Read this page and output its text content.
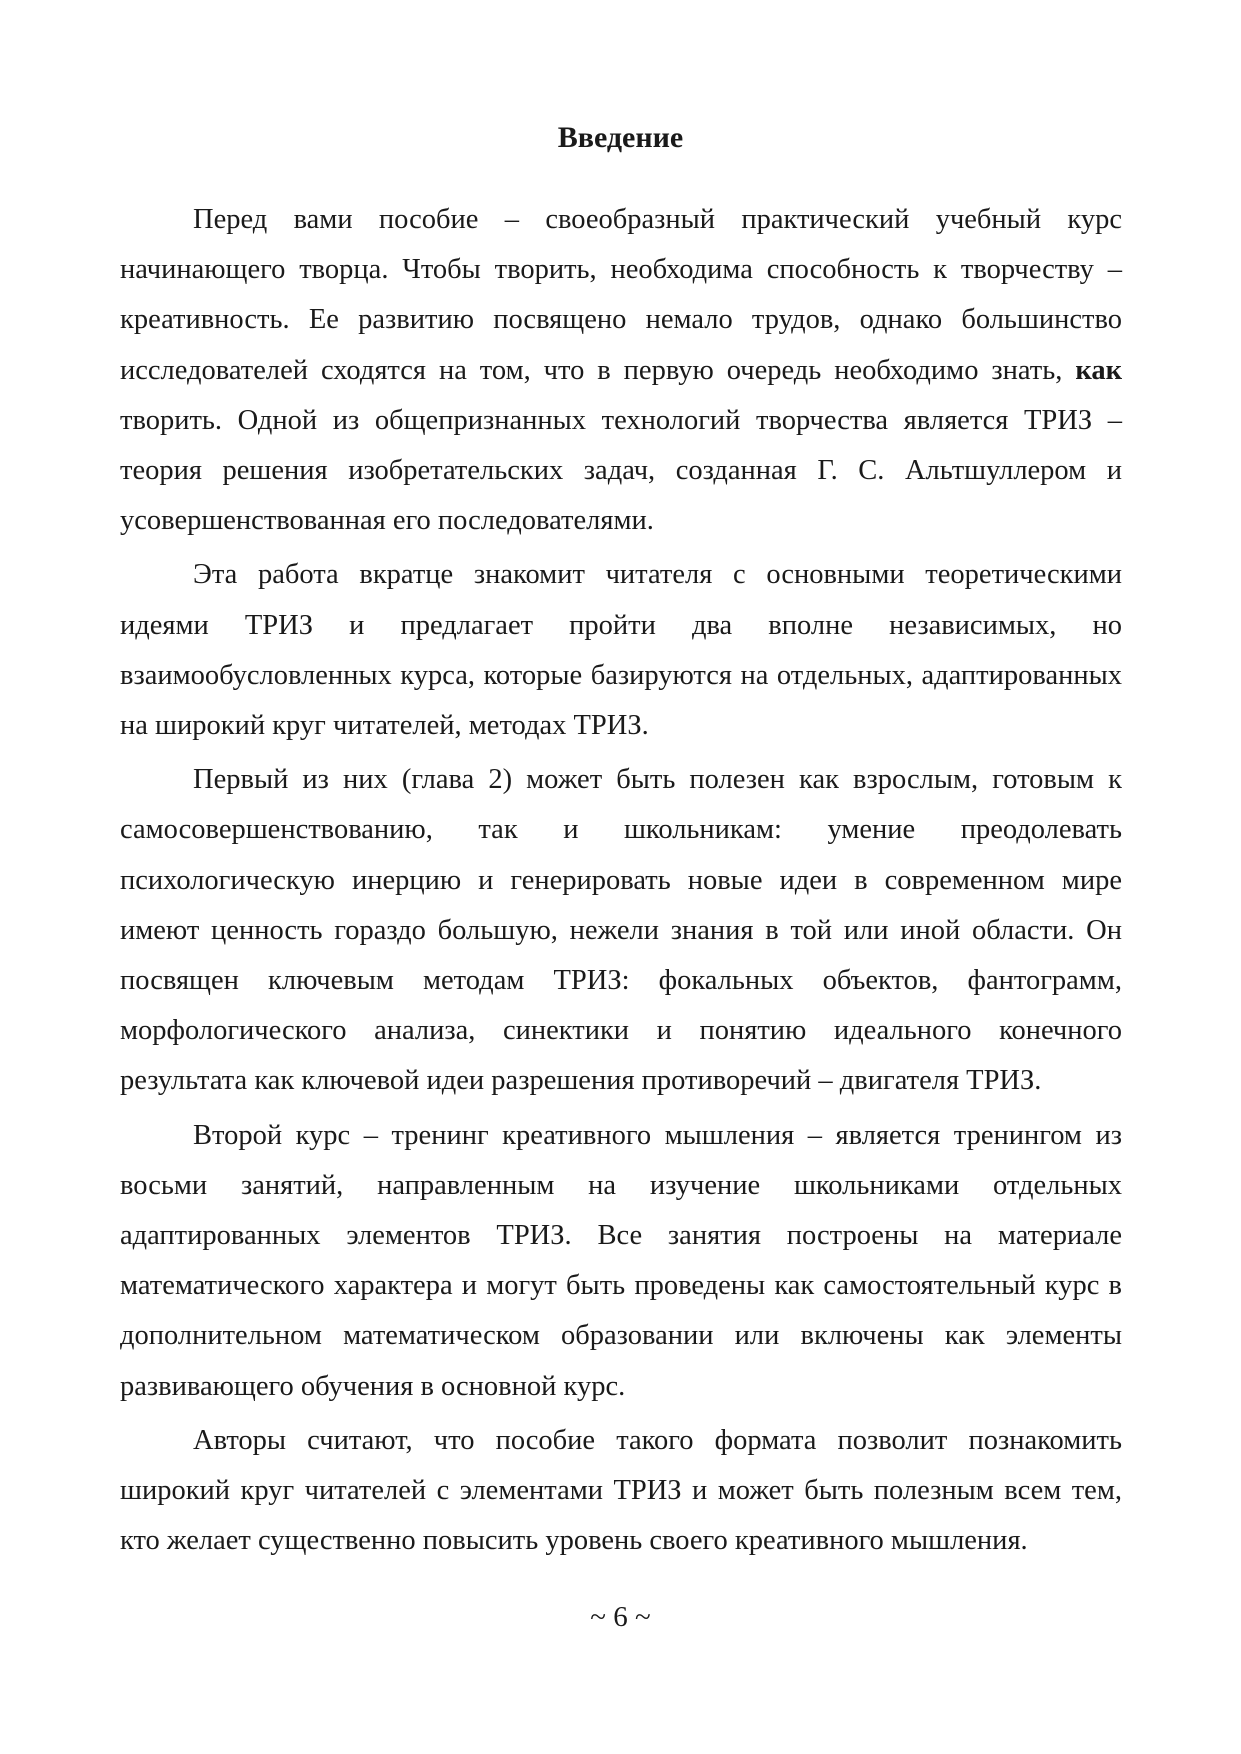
Введение

Перед вами пособие – своеобразный практический учебный курс начинающего творца. Чтобы творить, необходима способность к творчеству – креативность. Ее развитию посвящено немало трудов, однако большинство исследователей сходятся на том, что в первую очередь необходимо знать, как творить. Одной из общепризнанных технологий творчества является ТРИЗ – теория решения изобретательских задач, созданная Г. С. Альтшуллером и усовершенствованная его последователями.

Эта работа вкратце знакомит читателя с основными теоретическими идеями ТРИЗ и предлагает пройти два вполне независимых, но взаимообусловленных курса, которые базируются на отдельных, адаптированных на широкий круг читателей, методах ТРИЗ.

Первый из них (глава 2) может быть полезен как взрослым, готовым к самосовершенствованию, так и школьникам: умение преодолевать психологическую инерцию и генерировать новые идеи в современном мире имеют ценность гораздо большую, нежели знания в той или иной области. Он посвящен ключевым методам ТРИЗ: фокальных объектов, фантограмм, морфологического анализа, синектики и понятию идеального конечного результата как ключевой идеи разрешения противоречий – двигателя ТРИЗ.

Второй курс – тренинг креативного мышления – является тренингом из восьми занятий, направленным на изучение школьниками отдельных адаптированных элементов ТРИЗ. Все занятия построены на материале математического характера и могут быть проведены как самостоятельный курс в дополнительном математическом образовании или включены как элементы развивающего обучения в основной курс.

Авторы считают, что пособие такого формата позволит познакомить широкий круг читателей с элементами ТРИЗ и может быть полезным всем тем, кто желает существенно повысить уровень своего креативного мышления.

~ 6 ~
